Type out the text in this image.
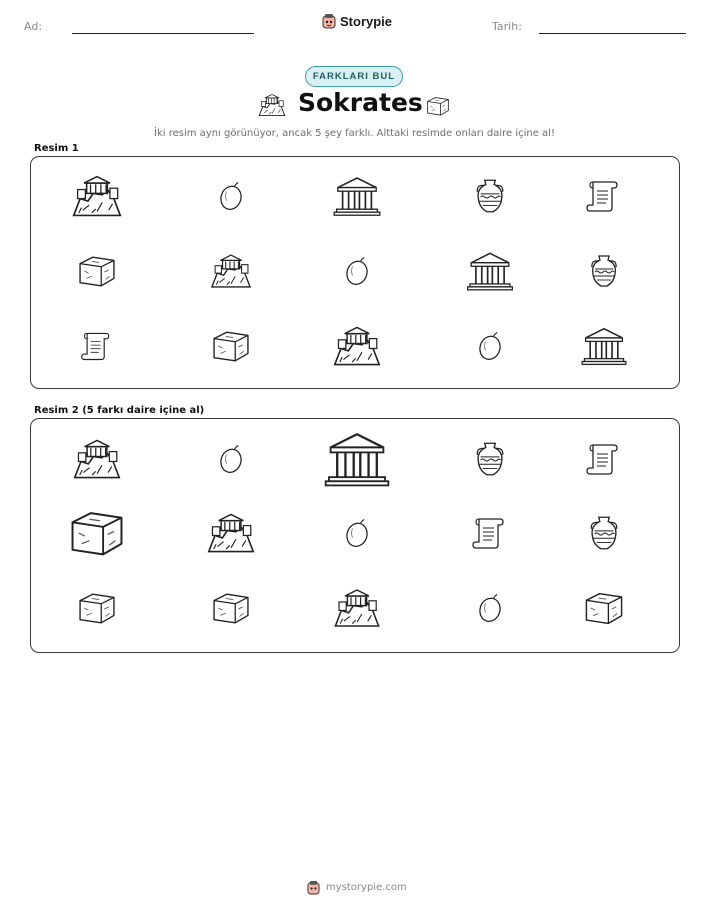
Ad:	Storypie	Tarih:
FARKLARI BUL
Sokrates
İki resim aynı görünüyor, ancak 5 şey farklı. Alttaki resimde onları daire içine al!
Resim 1
Resim 2 (5 farkı daire içine al)
mystorypie.com
